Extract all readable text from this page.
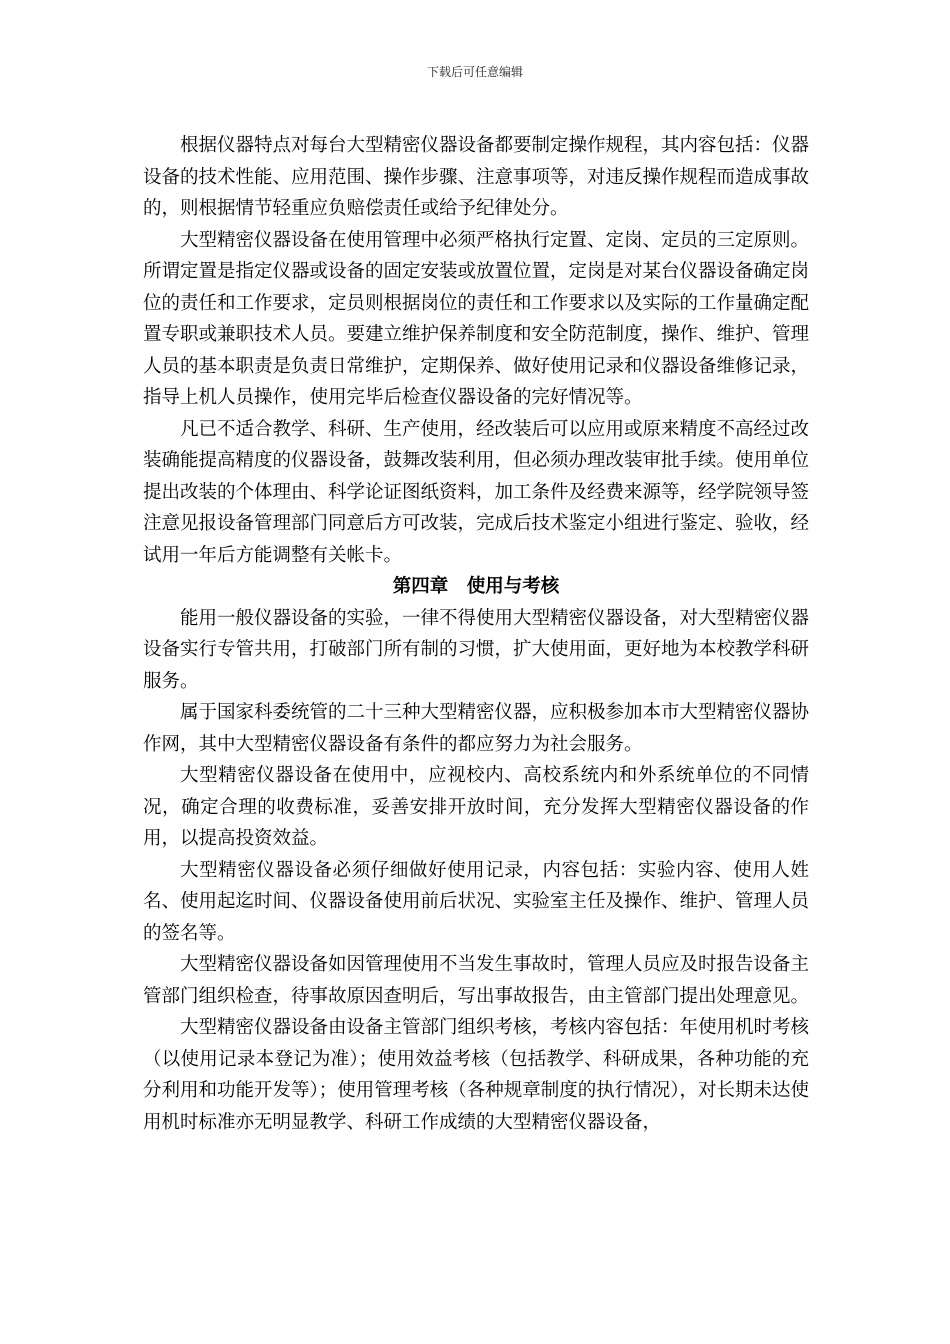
下载后可任意编辑

根据仪器特点对每台大型精密仪器设备都要制定操作规程，其内容包括：仪器设备的技术性能、应用范围、操作步骤、注意事项等，对违反操作规程而造成事故的，则根据情节轻重应负赔偿责任或给予纪律处分。

大型精密仪器设备在使用管理中必须严格执行定置、定岗、定员的三定原则。所谓定置是指定仪器或设备的固定安装或放置位置，定岗是对某台仪器设备确定岗位的责任和工作要求，定员则根据岗位的责任和工作要求以及实际的工作量确定配置专职或兼职技术人员。要建立维护保养制度和安全防范制度，操作、维护、管理人员的基本职责是负责日常维护，定期保养、做好使用记录和仪器设备维修记录，指导上机人员操作，使用完毕后检查仪器设备的完好情况等。

凡已不适合教学、科研、生产使用，经改装后可以应用或原来精度不高经过改装确能提高精度的仪器设备，鼓舞改装利用，但必须办理改装审批手续。使用单位提出改装的个体理由、科学论证图纸资料，加工条件及经费来源等，经学院领导签注意见报设备管理部门同意后方可改装，完成后技术鉴定小组进行鉴定、验收，经试用一年后方能调整有关帐卡。

第四章　使用与考核

能用一般仪器设备的实验，一律不得使用大型精密仪器设备，对大型精密仪器设备实行专管共用，打破部门所有制的习惯，扩大使用面，更好地为本校教学科研服务。

属于国家科委统管的二十三种大型精密仪器，应积极参加本市大型精密仪器协作网，其中大型精密仪器设备有条件的都应努力为社会服务。

大型精密仪器设备在使用中，应视校内、高校系统内和外系统单位的不同情况，确定合理的收费标准，妥善安排开放时间，充分发挥大型精密仪器设备的作用，以提高投资效益。

大型精密仪器设备必须仔细做好使用记录，内容包括：实验内容、使用人姓名、使用起迄时间、仪器设备使用前后状况、实验室主任及操作、维护、管理人员的签名等。

大型精密仪器设备如因管理使用不当发生事故时，管理人员应及时报告设备主管部门组织检查，待事故原因查明后，写出事故报告，由主管部门提出处理意见。

大型精密仪器设备由设备主管部门组织考核，考核内容包括：年使用机时考核（以使用记录本登记为准）；使用效益考核（包括教学、科研成果，各种功能的充分利用和功能开发等）；使用管理考核（各种规章制度的执行情况），对长期未达使用机时标准亦无明显教学、科研工作成绩的大型精密仪器设备，
